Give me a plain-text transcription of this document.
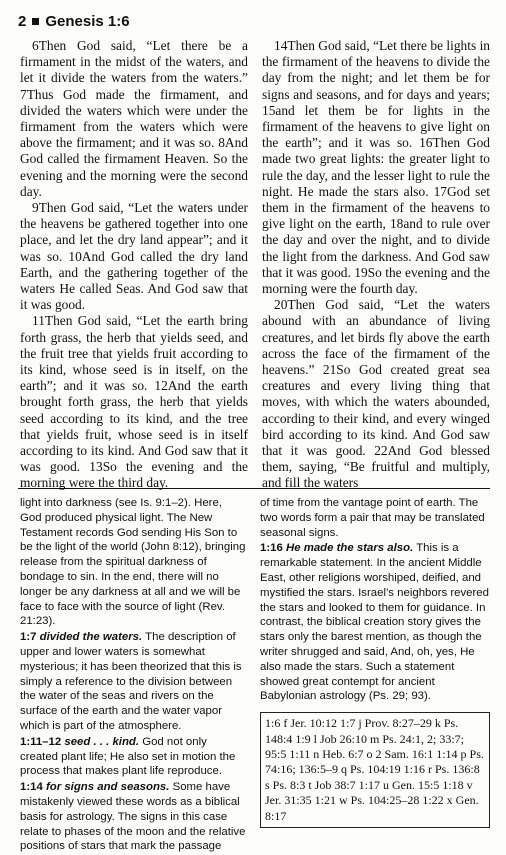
2 Genesis 1:6

6Then God said, “Let there be a firmament in the midst of the waters, and let it divide the waters from the waters.” 7Thus God made the firmament, and divided the waters which were under the firmament from the waters which were above the firmament; and it was so. 8And God called the firmament Heaven. So the evening and the morning were the second day.

9Then God said, “Let the waters under the heavens be gathered together into one place, and let the dry land appear”; and it was so. 10And God called the dry land Earth, and the gathering together of the waters He called Seas. And God saw that it was good.

11Then God said, “Let the earth bring forth grass, the herb that yields seed, and the fruit tree that yields fruit according to its kind, whose seed is in itself, on the earth”; and it was so. 12And the earth brought forth grass, the herb that yields seed according to its kind, and the tree that yields fruit, whose seed is in itself according to its kind. And God saw that it was good. 13So the evening and the morning were the third day.

14Then God said, “Let there be lights in the firmament of the heavens to divide the day from the night; and let them be for signs and seasons, and for days and years; 15and let them be for lights in the firmament of the heavens to give light on the earth”; and it was so. 16Then God made two great lights: the greater light to rule the day, and the lesser light to rule the night. He made the stars also. 17God set them in the firmament of the heavens to give light on the earth, 18and to rule over the day and over the night, and to divide the light from the darkness. And God saw that it was good. 19So the evening and the morning were the fourth day.

20Then God said, “Let the waters abound with an abundance of living creatures, and let birds fly above the earth across the face of the firmament of the heavens.” 21So God created great sea creatures and every living thing that moves, with which the waters abounded, according to their kind, and every winged bird according to its kind. And God saw that it was good. 22And God blessed them, saying, “Be fruitful and multiply, and fill the waters

light into darkness (see Is. 9:1–2). Here, God produced physical light. The New Testament records God sending His Son to be the light of the world (John 8:12), bringing release from the spiritual darkness of bondage to sin. In the end, there will no longer be any darkness at all and we will be face to face with the source of light (Rev. 21:23).

1:7 divided the waters. The description of upper and lower waters is somewhat mysterious; it has been theorized that this is simply a reference to the division between the water of the seas and rivers on the surface of the earth and the water vapor which is part of the atmosphere.

1:11–12 seed . . . kind. God not only created plant life; He also set in motion the process that makes plant life reproduce.

1:14 for signs and seasons. Some have mistakenly viewed these words as a biblical basis for astrology. The signs in this case relate to phases of the moon and the relative positions of stars that mark the passage

of time from the vantage point of earth. The two words form a pair that may be translated seasonal signs.

1:16 He made the stars also. This is a remarkable statement. In the ancient Middle East, other religions worshiped, deified, and mystified the stars. Israel’s neighbors revered the stars and looked to them for guidance. In contrast, the biblical creation story gives the stars only the barest mention, as though the writer shrugged and said, And, oh, yes, He also made the stars. Such a statement showed great contempt for ancient Babylonian astrology (Ps. 29; 93).

1:6 f Jer. 10:12 1:7 j Prov. 8:27–29 k Ps. 148:4 1:9 l Job 26:10 m Ps. 24:1, 2; 33:7; 95:5 1:11 n Heb. 6:7 o 2 Sam. 16:1 1:14 p Ps. 74:16; 136:5–9 q Ps. 104:19 1:16 r Ps. 136:8 s Ps. 8:3 t Job 38:7 1:17 u Gen. 15:5 1:18 v Jer. 31:35 1:21 w Ps. 104:25–28 1:22 x Gen. 8:17
